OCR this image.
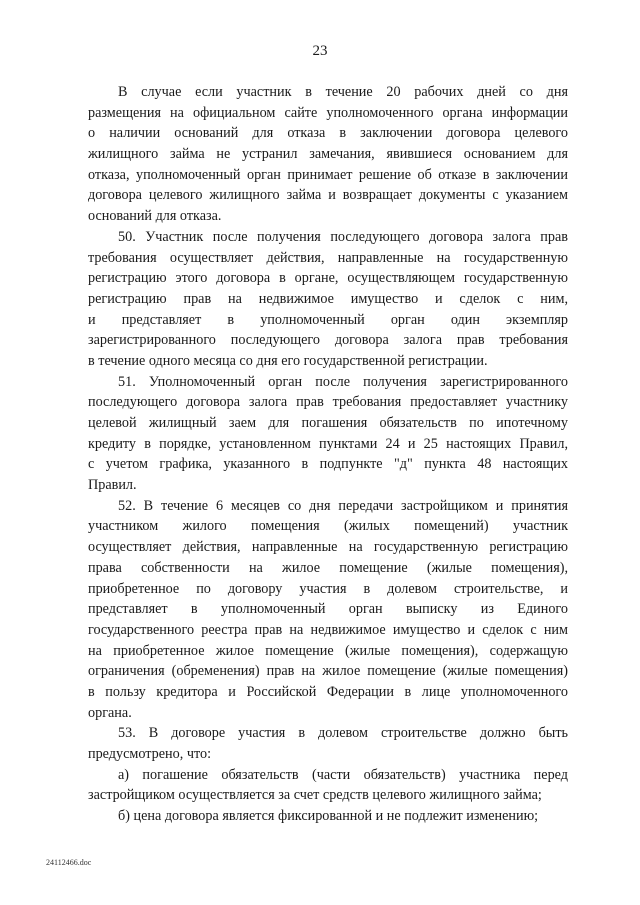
23
В случае если участник в течение 20 рабочих дней со дня
размещения на официальном сайте уполномоченного органа информации
о наличии оснований для отказа в заключении договора целевого
жилищного займа не устранил замечания, явившиеся основанием для
отказа, уполномоченный орган принимает решение об отказе в заключении
договора целевого жилищного займа и возвращает документы с указанием
оснований для отказа.
50. Участник после получения последующего договора залога прав
требования осуществляет действия, направленные на государственную
регистрацию этого договора в органе, осуществляющем государственную
регистрацию прав на недвижимое имущество и сделок с ним,
и представляет в уполномоченный орган один экземпляр
зарегистрированного последующего договора залога прав требования
в течение одного месяца со дня его государственной регистрации.
51. Уполномоченный орган после получения зарегистрированного
последующего договора залога прав требования предоставляет участнику
целевой жилищный заем для погашения обязательств по ипотечному
кредиту в порядке, установленном пунктами 24 и 25 настоящих Правил,
с учетом графика, указанного в подпункте "д" пункта 48 настоящих
Правил.
52. В течение 6 месяцев со дня передачи застройщиком и принятия
участником жилого помещения (жилых помещений) участник
осуществляет действия, направленные на государственную регистрацию
права собственности на жилое помещение (жилые помещения),
приобретенное по договору участия в долевом строительстве, и
представляет в уполномоченный орган выписку из Единого
государственного реестра прав на недвижимое имущество и сделок с ним
на приобретенное жилое помещение (жилые помещения), содержащую
ограничения (обременения) прав на жилое помещение (жилые помещения)
в пользу кредитора и Российской Федерации в лице уполномоченного
органа.
53. В договоре участия в долевом строительстве должно быть
предусмотрено, что:
а) погашение обязательств (части обязательств) участника перед
застройщиком осуществляется за счет средств целевого жилищного займа;
б) цена договора является фиксированной и не подлежит изменению;
24112466.doc
